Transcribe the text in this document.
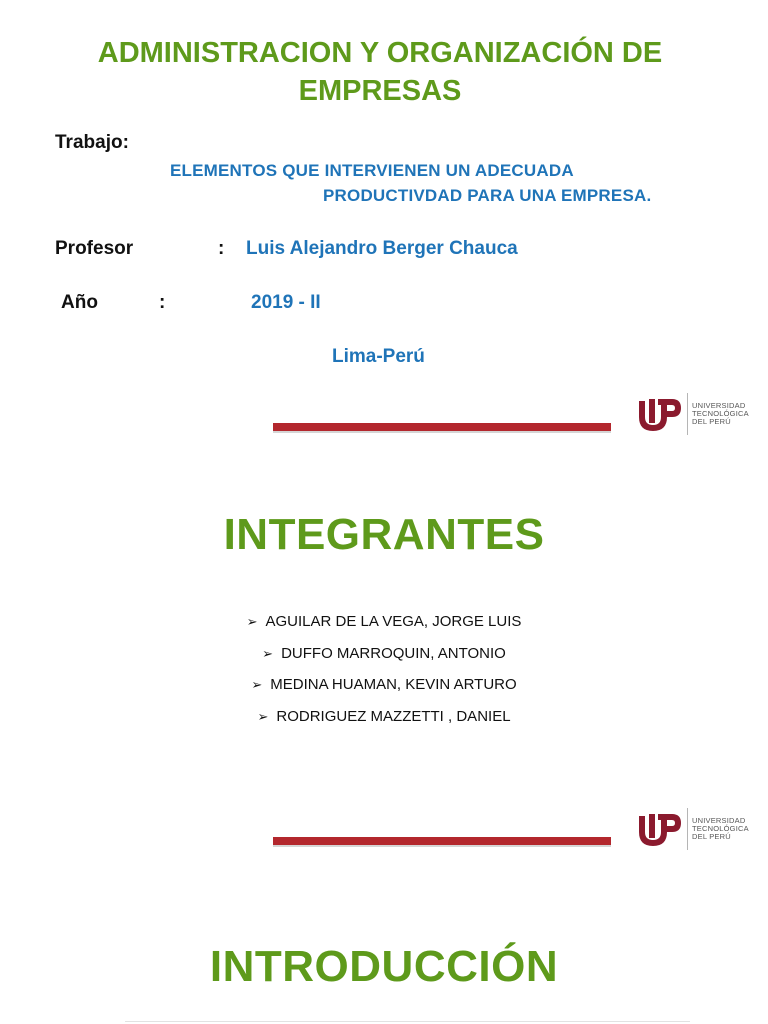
ADMINISTRACION Y ORGANIZACIÓN DE EMPRESAS
Trabajo:
ELEMENTOS QUE INTERVIENEN UN ADECUADA
PRODUCTIVDAD PARA UNA EMPRESA.
Profesor	: Luis Alejandro Berger Chauca
Año	:	2019 - II
Lima-Perú
UNIVERSIDAD
TECNOLÓGICA
DEL PERÚ
INTEGRANTES
➢ AGUILAR DE LA VEGA, JORGE LUIS
➢ DUFFO MARROQUIN, ANTONIO
➢ MEDINA HUAMAN, KEVIN ARTURO
➢ RODRIGUEZ MAZZETTI , DANIEL
UNIVERSIDAD
TECNOLÓGICA
DEL PERÚ
INTRODUCCIÓN
